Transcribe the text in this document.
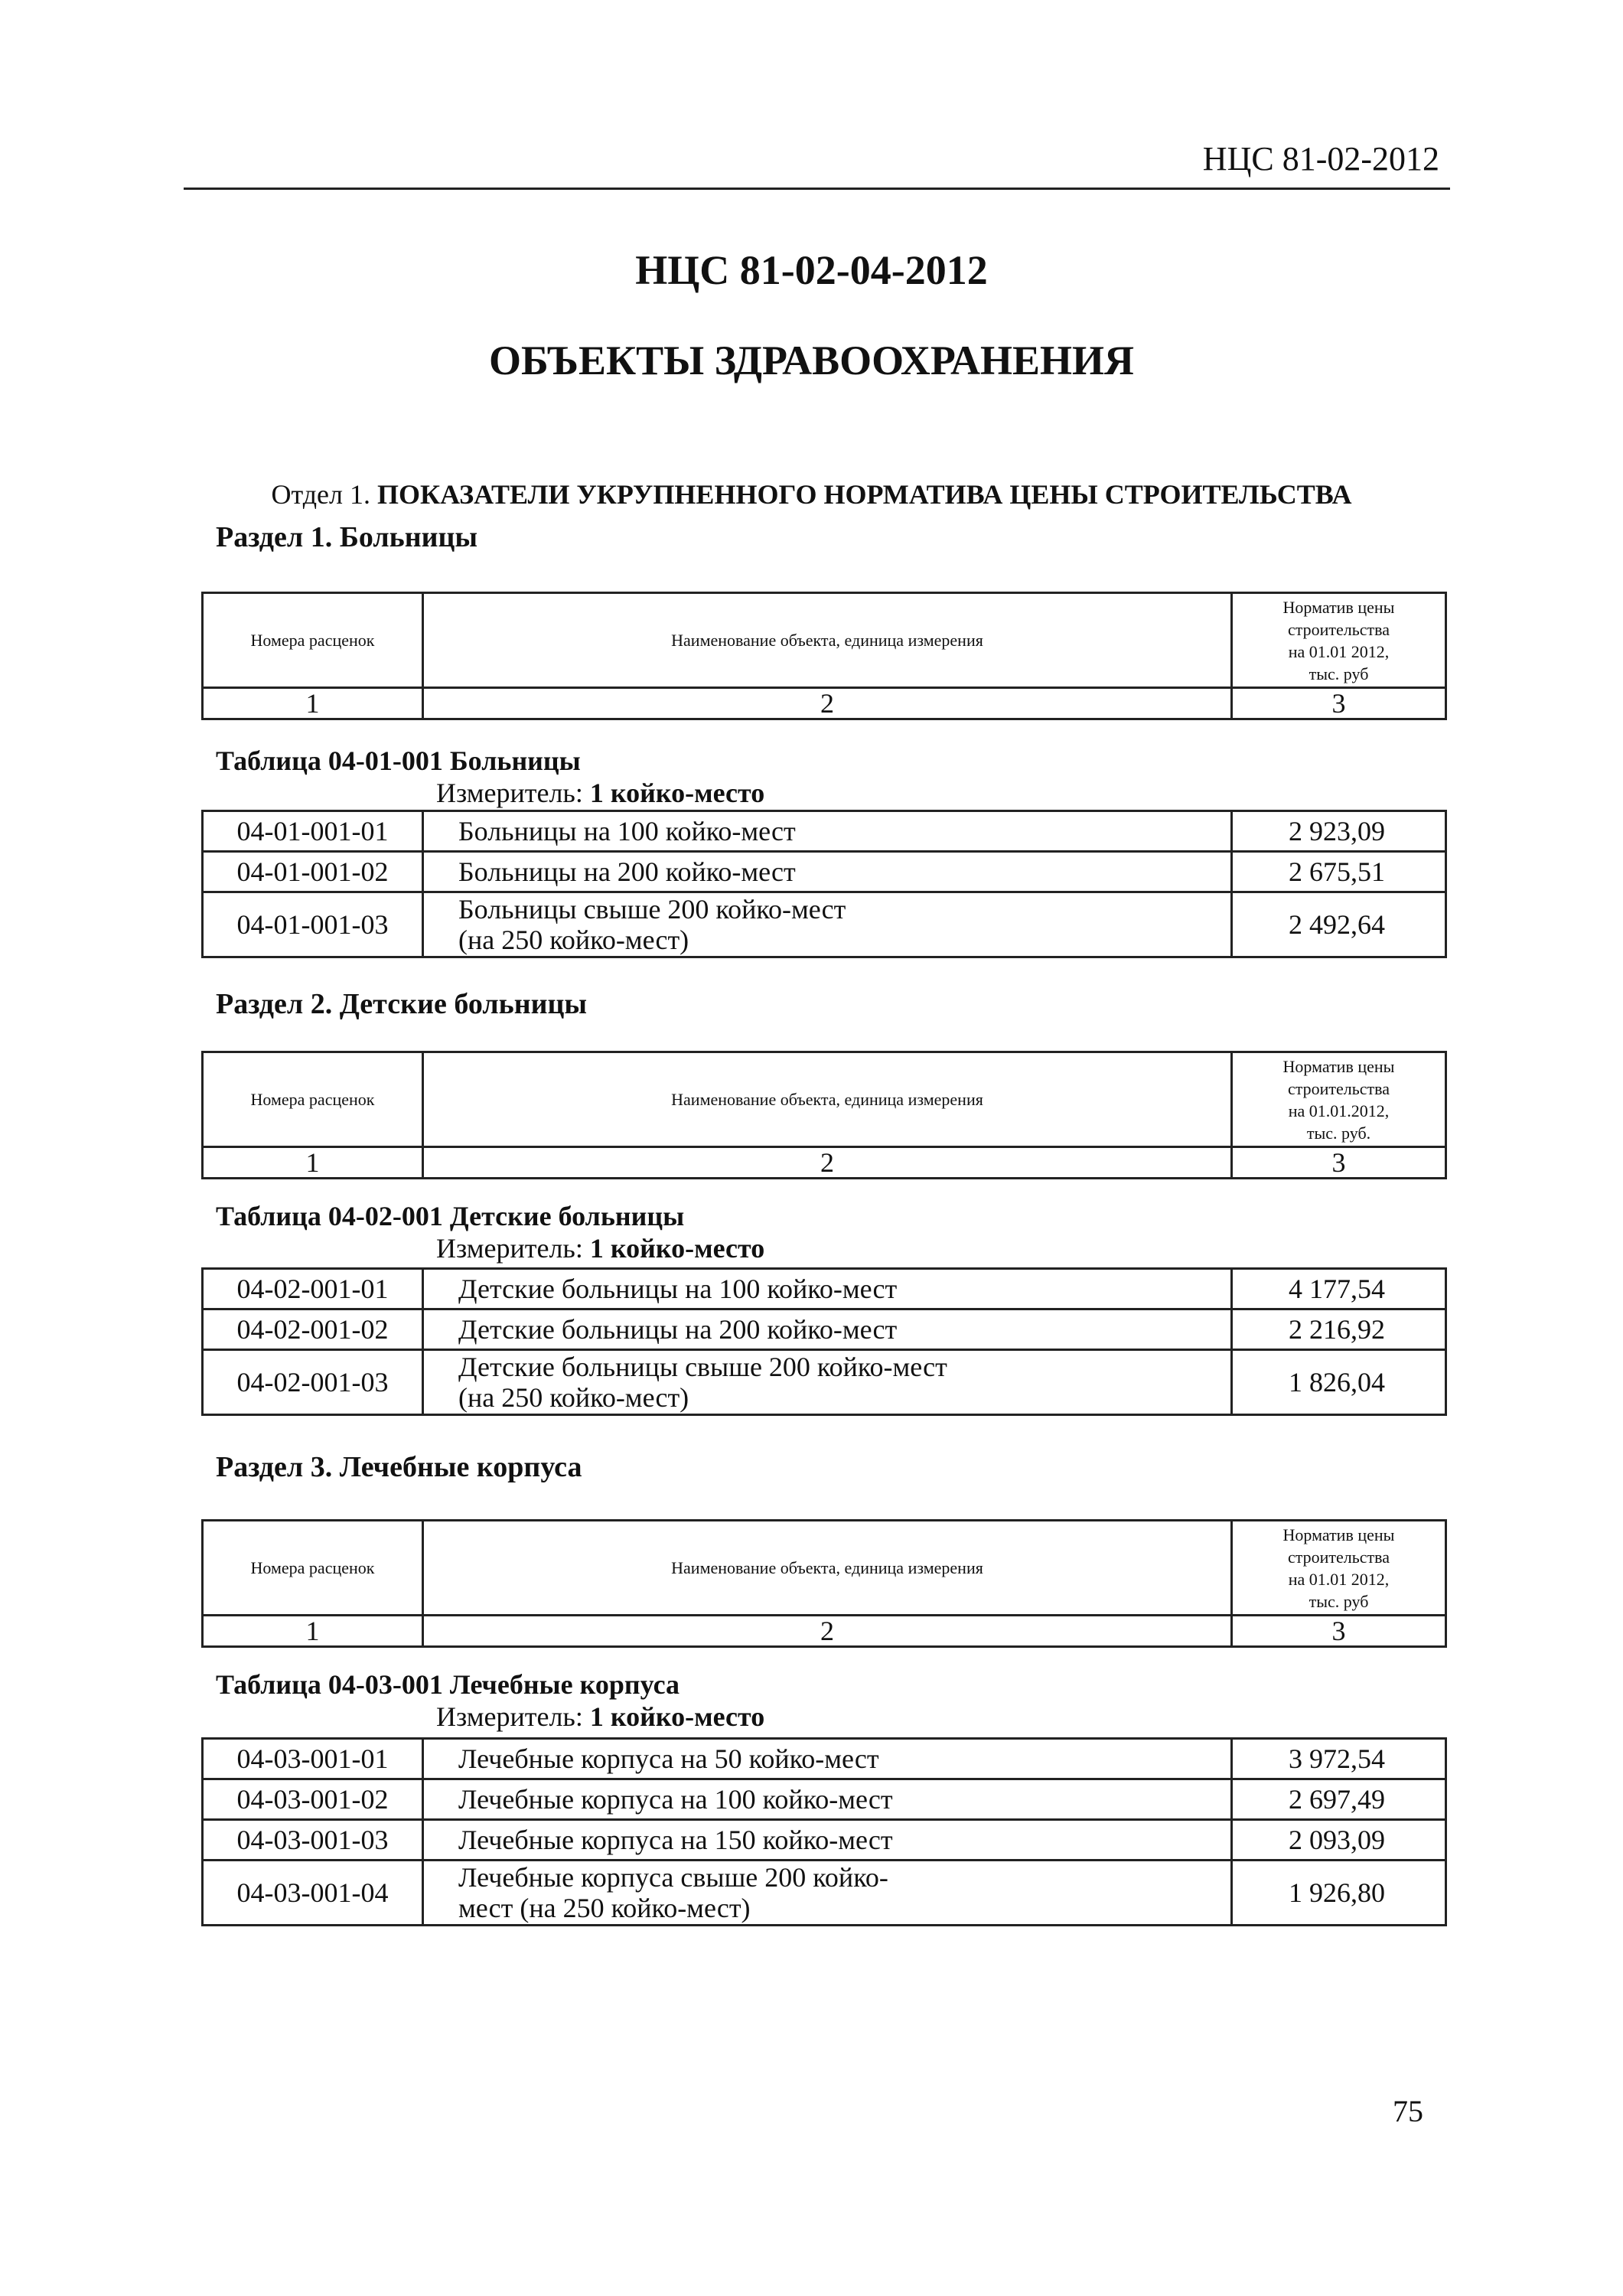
НЦС 81-02-2012
НЦС 81-02-04-2012
ОБЪЕКТЫ ЗДРАВООХРАНЕНИЯ
Отдел 1. ПОКАЗАТЕЛИ УКРУПНЕННОГО НОРМАТИВА ЦЕНЫ СТРОИТЕЛЬСТВА
Раздел 1. Больницы
Номера расценок	Наименование объекта, единица измерения	Норматив цены
строительства
на 01.01 2012,
тыс. руб

1	2	3
Таблица 04-01-001 Больницы
Измеритель: 1 койко-место
04-01-001-01	Больницы на 100 койко-мест	2 923,09
04-01-001-02	Больницы на 200 койко-мест	2 675,51
04-01-001-03	Больницы свыше 200 койко-мест
(на 250 койко-мест)	2 492,64
Раздел 2. Детские больницы
Номера расценок	Наименование объекта, единица измерения	Норматив цены
строительства
на 01.01.2012,
тыс. руб.

1	2	3
Таблица 04-02-001 Детские больницы
Измеритель: 1 койко-место
04-02-001-01	Детские больницы на 100 койко-мест	4 177,54
04-02-001-02	Детские больницы на 200 койко-мест	2 216,92
04-02-001-03	Детские больницы свыше 200 койко-мест
(на 250 койко-мест)	1 826,04
Раздел 3. Лечебные корпуса
Номера расценок	Наименование объекта, единица измерения	Норматив цены
строительства
на 01.01 2012,
тыс. руб

1	2	3
Таблица 04-03-001 Лечебные корпуса
Измеритель: 1 койко-место
04-03-001-01	Лечебные корпуса на 50 койко-мест	3 972,54
04-03-001-02	Лечебные корпуса на 100 койко-мест	2 697,49
04-03-001-03	Лечебные корпуса на 150 койко-мест	2 093,09
04-03-001-04	Лечебные корпуса свыше 200 койко-
мест (на 250 койко-мест)	1 926,80
75
